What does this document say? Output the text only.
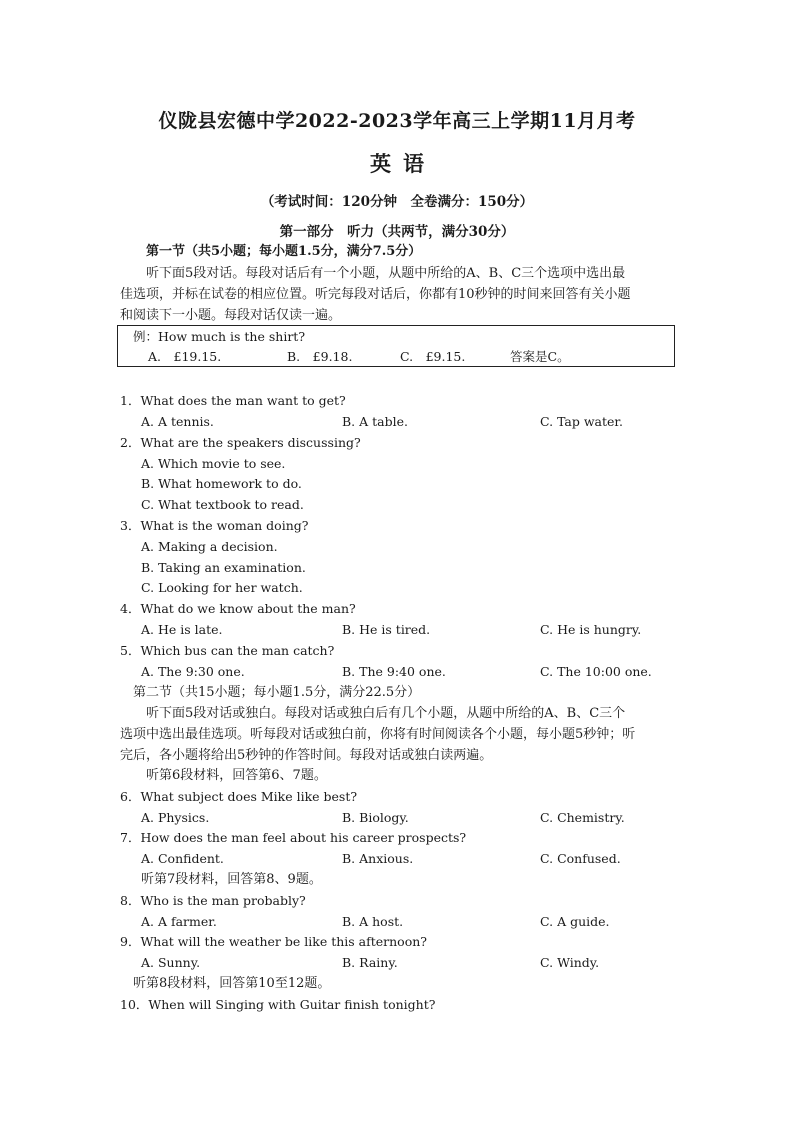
仪陇县宏德中学2022-2023学年高三上学期11月月考
英语
（考试时间：120分钟　全卷满分：150分）
第一部分　听力（共两节，满分30分）
第一节（共5小题；每小题1.5分，满分7.5分）
听下面5段对话。每段对话后有一个小题，从题中所给的A、B、C三个选项中选出最
佳选项，并标在试卷的相应位置。听完每段对话后，你都有10秒钟的时间来回答有关小题
和阅读下一小题。每段对话仅读一遍。
例：How much is the shirt?
A.　£19.15.	B.　£9.18.	C.　£9.15.	答案是C。
1．What does the man want to get?
A. A tennis.	B. A table.	C. Tap water.
2．What are the speakers discussing?
A. Which movie to see.
B. What homework to do.
C. What textbook to read.
3．What is the woman doing?
A. Making a decision.
B. Taking an examination.
C. Looking for her watch.
4．What do we know about the man?
A. He is late.	B. He is tired.	C. He is hungry.
5．Which bus can the man catch?
A. The 9:30 one.	B. The 9:40 one.	C. The 10:00 one.
第二节（共15小题；每小题1.5分，满分22.5分）
听下面5段对话或独白。每段对话或独白后有几个小题，从题中所给的A、B、C三个
选项中选出最佳选项。听每段对话或独白前，你将有时间阅读各个小题，每小题5秒钟；听
完后，各小题将给出5秒钟的作答时间。每段对话或独白读两遍。
听第6段材料，回答第6、7题。
6．What subject does Mike like best?
A. Physics.	B. Biology.	C. Chemistry.
7．How does the man feel about his career prospects?
A. Confident.	B. Anxious.	C. Confused.
听第7段材料，回答第8、9题。
8．Who is the man probably?
A. A farmer.	B. A host.	C. A guide.
9．What will the weather be like this afternoon?
A. Sunny.	B. Rainy.	C. Windy.
听第8段材料，回答第10至12题。
10．When will Singing with Guitar finish tonight?
